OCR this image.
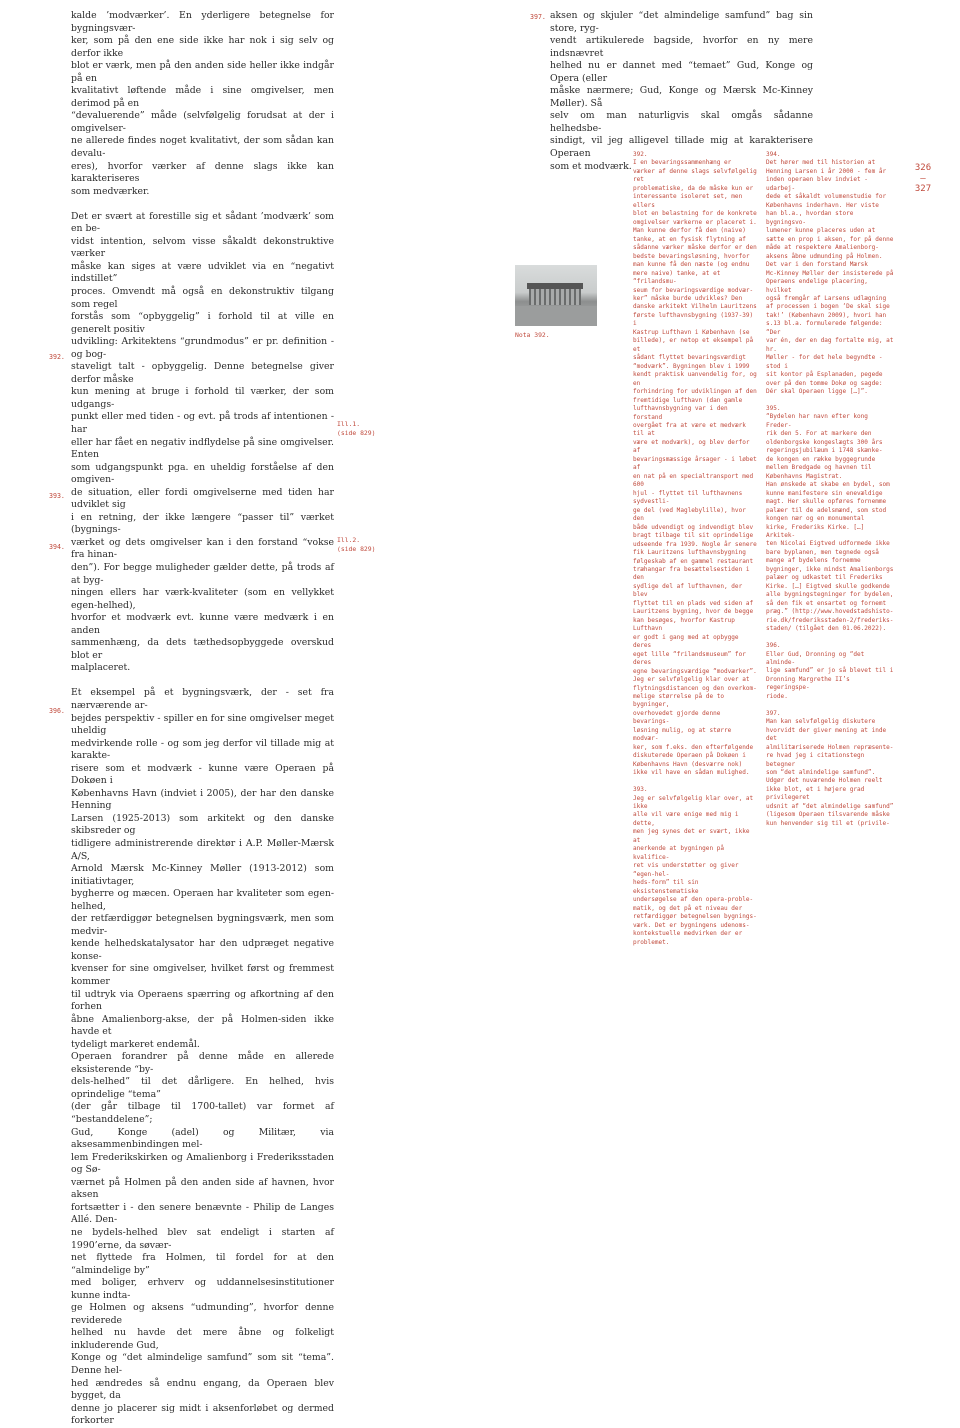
kalde ’modværker’. En yderligere betegnelse for bygningsvær-
ker, som på den ene side ikke har nok i sig selv og derfor ikke
blot er værk, men på den anden side heller ikke indgår på en
kvalitativt løftende måde i sine omgivelser, men derimod på en
“devaluerende” måde (selvfølgelig forudsat at der i omgivelser-
ne allerede findes noget kvalitativt, der som sådan kan devalu-
eres), hvorfor værker af denne slags ikke kan karakteriseres
som medværker.
Det er svært at forestille sig et sådant ’modværk’ som en be-
vidst intention, selvom visse såkaldt dekonstruktive værker
måske kan siges at være udviklet via en “negativt indstillet”
proces. Omvendt må også en dekonstruktiv tilgang som regel
forstås som “opbyggelig” i forhold til at ville en generelt positiv
udvikling: Arkitektens “grundmodus” er pr. definition - og bog-
staveligt talt - opbyggelig. Denne betegnelse giver derfor måske
kun mening at bruge i forhold til værker, der som udgangs-
punkt eller med tiden - og evt. på trods af intentionen - har
eller har fået en negativ indflydelse på sine omgivelser. Enten
som udgangspunkt pga. en uheldig forståelse af den omgiven-
de situation, eller fordi omgivelserne med tiden har udviklet sig
i en retning, der ikke længere “passer til” værket (bygnings-
værket og dets omgivelser kan i den forstand “vokse fra hinan-
den”). For begge muligheder gælder dette, på trods af at byg-
ningen ellers har værk-kvaliteter (som en vellykket egen-helhed),
hvorfor et modværk evt. kunne være medværk i en anden
sammenhæng, da dets tæthedsopbyggede overskud blot er
malplaceret.
Et eksempel på et bygningsværk, der - set fra nærværende ar-
bejdes perspektiv - spiller en for sine omgivelser meget uheldig
medvirkende rolle - og som jeg derfor vil tillade mig at karakte-
risere som et modværk - kunne være Operaen på Dokøen i
Københavns Havn (indviet i 2005), der har den danske Henning
Larsen (1925-2013) som arkitekt og den danske skibsreder og
tidligere administrerende direktør i A.P. Møller-Mærsk A/S,
Arnold Mærsk Mc-Kinney Møller (1913-2012) som initiativtager,
bygherre og mæcen. Operaen har kvaliteter som egen-helhed,
der retfærdiggør betegnelsen bygningsværk, men som medvir-
kende helhedskatalysator har den udpræget negative konse-
kvenser for sine omgivelser, hvilket først og fremmest kommer
til udtryk via Operaens spærring og afkortning af den forhen
åbne Amalienborg-akse, der på Holmen-siden ikke havde et
tydeligt markeret endemål.
Operaen forandrer på denne måde en allerede eksisterende “by-
dels-helhed” til det dårligere. En helhed, hvis oprindelige “tema”
(der går tilbage til 1700-tallet) var formet af “bestanddelene”;
Gud, Konge (adel) og Militær, via aksesammenbindingen mel-
lem Frederikskirken og Amalienborg i Frederiksstaden og Sø-
værnet på Holmen på den anden side af havnen, hvor aksen
fortsætter i - den senere benævnte - Philip de Langes Allé. Den-
ne bydels-helhed blev sat endeligt i starten af 1990’erne, da søvær-
net flyttede fra Holmen, til fordel for at den “almindelige by”
med boliger, erhverv og uddannelsesinstitutioner kunne indta-
ge Holmen og aksens “udmunding”, hvorfor denne reviderede
helhed nu havde det mere åbne og folkeligt inkluderende Gud,
Konge og “det almindelige samfund” som sit “tema”. Denne hel-
hed ændredes så endnu engang, da Operaen blev bygget, da
denne jo placerer sig midt i aksenforløbet og dermed forkorter
aksen og skjuler “det almindelige samfund” bag sin store, ryg-
vendt artikulerede bagside, hvorfor en ny mere indsnævret
helhed nu er dannet med “temaet” Gud, Konge og Opera (eller
måske nærmere; Gud, Konge og Mærsk Mc-Kinney Møller). Så
selv om man naturligvis skal omgås sådanne helhedsbe-
sindigt, vil jeg alligevel tillade mig at karakterisere Operaen
som et modværk.
397.
392.
393.
394.
396.
Ill.1.
(side 829)
Ill.2.
(side 829)
Nota 392.
392.
I en bevaringssammenhæng er
værker af denne slags selvfølgelig ret
problematiske, da de måske kun er
interessante isoleret set, men ellers
blot en belastning for de konkrete
omgivelser værkerne er placeret i.
Man kunne derfor få den (naive)
tanke, at en fysisk flytning af
sådanne værker måske derfor er den
bedste bevaringsløsning, hvorfor
man kunne få den næste (og endnu
mere naive) tanke, at et “frilandsmu-
seum for bevaringsværdige modvær-
ker” måske burde udvikles? Den
danske arkitekt Vilhelm Lauritzens
første lufthavnsbygning (1937-39) i
Kastrup Lufthavn i København (se
billede), er netop et eksempel på et
sådant flyttet bevaringsværdigt
“modværk”. Bygningen blev i 1999
kendt praktisk uanvendelig for, og en
forhindring for udviklingen af den
fremtidige lufthavn (dan gamle
lufthavnsbygning var i den forstand
overgået fra at være et medværk til at
være et modværk), og blev derfor af
bevaringsmæssige årsager - i løbet af
en nat på en specialtransport med 600
hjul - flyttet til lufthavnens sydvestli-
ge del (ved Maglebylille), hvor den
både udvendigt og indvendigt blev
bragt tilbage til sit oprindelige
udseende fra 1939. Nogle år senere
fik Lauritzens lufthavnsbygning
følgeskab af en gammel restaurant
træhangar fra besættelsestiden i den
sydlige del af lufthavnen, der blev
flyttet til en plads ved siden af
Lauritzens bygning, hvor de begge
kan besøges, hvorfor Kastrup Lufthavn
er godt i gang med at opbygge deres
eget lille “frilandsmuseum” for deres
egne bevaringsværdige “modværker”.
Jeg er selvfølgelig klar over at
flytningsdistancen og den overkom-
melige størrelse på de to bygninger,
overhovedet gjorde denne bevarings-
løsning mulig, og at større modvær-
ker, som f.eks. den efterfølgende
diskuterede Operaen på Dokøen i
Københavns Havn (desværre nok)
ikke vil have en sådan mulighed.
393.
Jeg er selvfølgelig klar over, at ikke
alle vil være enige med mig i dette,
men jeg synes det er svært, ikke at
anerkende at bygningen på kvalifice-
ret vis understøtter og giver “egen-hel-
heds-form” til sin eksistenstematiske
undersøgelse af den opera-proble-
matik, og det på et niveau der
retfærdiggør betegnelsen bygnings-
værk. Det er bygningens udenoms-
kontekstuelle medvirken der er
problemet.
394.
Det hører med til historien at
Henning Larsen i år 2000 - fem år
inden operaen blev indviet - udarbej-
dede et såkaldt volumenstudie for
Københavns inderhavn. Her viste
han bl.a., hvordan store bygningsvo-
lumener kunne placeres uden at
sætte en prop i aksen, for på denne
måde at respektere Amalienborg-
aksens åbne udmunding på Holmen.
Det var i den forstand Mærsk
Mc-Kinney Møller der insisterede på
Operaens endelige placering, hvilket
også fremgår af Larsens udlægning
af processen i bogen ‘De skal sige
tak!’ (København 2009), hvori han
s.13 bl.a. formulerede følgende: “Der
var én, der en dag fortalte mig, at hr.
Møller - for det hele begyndte - stod i
sit kontor på Esplanaden, pegede
over på den tomme Dokø og sagde:
Dér skal Operaen ligge […]”.
395.
“Bydelen har navn efter kong Freder-
rik den 5. For at markere den
oldenborgske kongeslægts 300 års
regeringsjubilæum i 1748 skænke-
de kongen en række byggegrunde
mellem Bredgade og havnen til
Københavns Magistrat.
Han ønskede at skabe en bydel, som
kunne manifestere sin enevældige
magt. Her skulle opføres fornemme
palæer til de adelsmænd, som stod
kongen nær og en monumental
kirke, Frederiks Kirke. […] Arkitek-
ten Nicolai Eigtved udformede ikke
bare byplanen, men tegnede også
mange af bydelens fornemme
bygninger, ikke mindst Amalienborgs
palæer og udkastet til Frederiks
Kirke. […] Eigtved skulle godkende
alle bygningstegninger for bydelen,
så den fik et ensartet og fornemt
præg.” (http://www.hovedstadshisto-
rie.dk/frederiksstaden-2/frederiks-
staden/ (tilgået den 01.06.2022).
396.
Eller Gud, Dronning og “det alminde-
lige samfund” er jo så blevet til i
Dronning Margrethe II’s regeringspe-
riode.
397.
Man kan selvfølgelig diskutere
hvorvidt der giver mening at inde det
almilitæriserede Holmen repræsente-
re hvad jeg i citationstegn betegner
som “det almindelige samfund”.
Udgør det nuværende Holmen reelt
ikke blot, et i højere grad privilegeret
udsnit af “det almindelige samfund”
(ligesom Operaen tilsvarende måske
kun henvender sig til et (privile-
326
—
327
